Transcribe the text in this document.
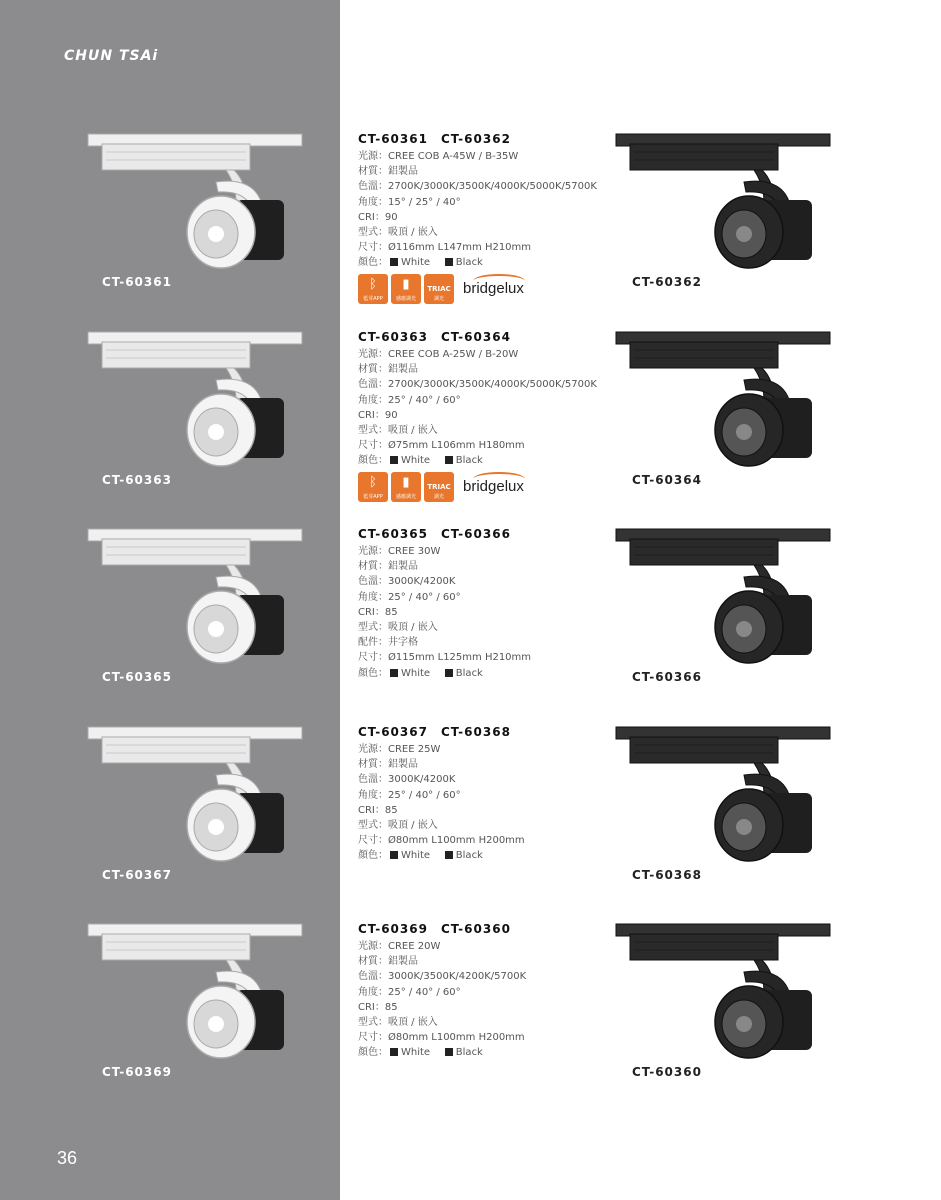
CHUN TSAi
36
CT-60361	CT-60362
CT-60361　CT-60362
光源：CREE COB A-45W / B-35W
材質：鋁製品
色溫：2700K/3000K/3500K/4000K/5000K/5700K
角度：15° / 25° / 40°
CRI：90
型式：吸頂 / 嵌入
尺寸：Ø116mm L147mm H210mm
顏色： White	Black
ᛒ
藍芽APP
▮
感應調光
TRIAC
調光
bridgelux
CT-60363	CT-60364
CT-60363　CT-60364
光源：CREE COB A-25W / B-20W
材質：鋁製品
色溫：2700K/3000K/3500K/4000K/5000K/5700K
角度：25° / 40° / 60°
CRI：90
型式：吸頂 / 嵌入
尺寸：Ø75mm L106mm H180mm
顏色： White	Black
ᛒ
藍芽APP
▮
感應調光
TRIAC
調光
bridgelux
CT-60365	CT-60366
CT-60365　CT-60366
光源：CREE 30W
材質：鋁製品
色溫：3000K/4200K
角度：25° / 40° / 60°
CRI：85
型式：吸頂 / 嵌入
配件：井字格
尺寸：Ø115mm L125mm H210mm
顏色： White	Black
CT-60367	CT-60368
CT-60367　CT-60368
光源：CREE 25W
材質：鋁製品
色溫：3000K/4200K
角度：25° / 40° / 60°
CRI：85
型式：吸頂 / 嵌入
尺寸：Ø80mm L100mm H200mm
顏色： White	Black
CT-60369	CT-60360
CT-60369　CT-60360
光源：CREE 20W
材質：鋁製品
色溫：3000K/3500K/4200K/5700K
角度：25° / 40° / 60°
CRI：85
型式：吸頂 / 嵌入
尺寸：Ø80mm L100mm H200mm
顏色： White	Black
